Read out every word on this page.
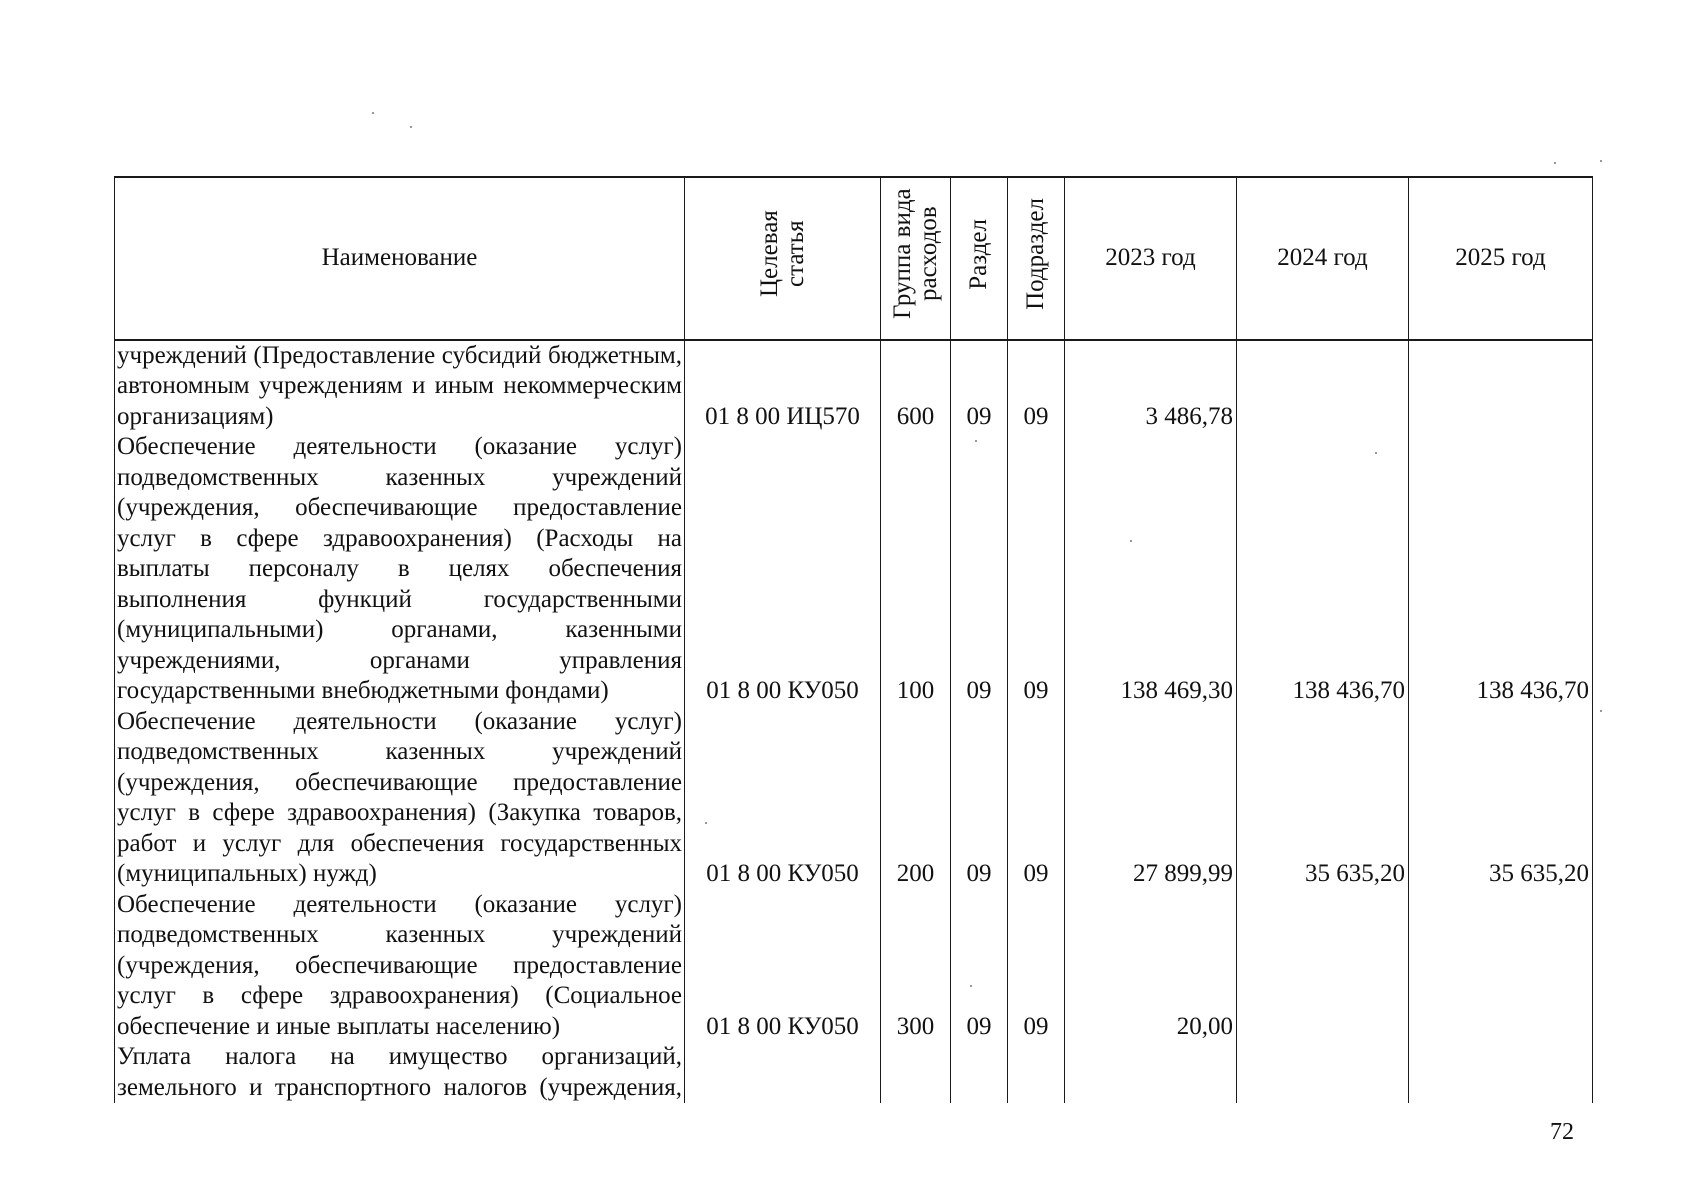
Наименование	Целевая статья	Группа вида расходов	Раздел	Подраздел	2023 год	2024 год	2025 год
учреждений (Предоставление субсидий бюджетным, автономным учреждениям и иным некоммерческим организациям)	01 8 00 ИЦ570	600	09	09	3 486,78		
Обеспечение деятельности (оказание услуг) подведомственных казенных учреждений (учреждения, обеспечивающие предоставление услуг в сфере здравоохранения) (Расходы на выплаты персоналу в целях обеспечения выполнения функций государственными (муниципальными) органами, казенными учреждениями, органами управления государственными внебюджетными фондами)	01 8 00 КУ050	100	09	09	138 469,30	138 436,70	138 436,70
Обеспечение деятельности (оказание услуг) подведомственных казенных учреждений (учреждения, обеспечивающие предоставление услуг в сфере здравоохранения) (Закупка товаров, работ и услуг для обеспечения государственных (муниципальных) нужд)	01 8 00 КУ050	200	09	09	27 899,99	35 635,20	35 635,20
Обеспечение деятельности (оказание услуг) подведомственных казенных учреждений (учреждения, обеспечивающие предоставление услуг в сфере здравоохранения) (Социальное обеспечение и иные выплаты населению)	01 8 00 КУ050	300	09	09	20,00		
Уплата налога на имущество организаций, земельного и транспортного налогов (учреждения,							
72
